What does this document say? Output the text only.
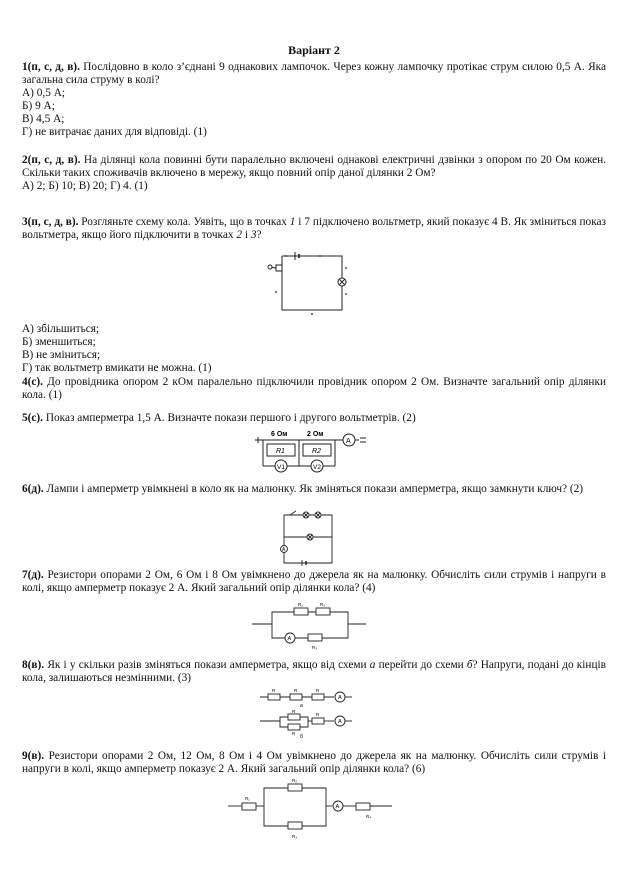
Варіант 2

1(п, с, д, в). Послідовно в коло з’єднані 9 однакових лампочок. Через кожну лампочку протікає струм силою 0,5 А. Яка загальна сила струму в колі?

А) 0,5 А;
Б) 9 А;
В) 4,5 А;
Г) не витрачає даних для відповіді. (1)

2(п, с, д, в). На ділянці кола повинні бути паралельно включені однакові електричні дзвінки з опором по 20 Ом кожен. Скільки таких споживачів включено в мережу, якщо повний опір даної ділянки 2 Ом?

А) 2; Б) 10; В) 20; Г) 4. (1)

3(п, с, д, в). Розгляньте схему кола. Уявіть, що в точках 1 і 7 підключено вольтметр, який показує 4 В. Як зміниться показ вольтметра, якщо його підключити в точках 2 і 3?

А) збільшиться;
Б) зменшиться;
В) не зміниться;
Г) так вольтметр вмикати не можна. (1)

4(с). До провідника опором 2 кОм паралельно підключили провідник опором 2 Ом. Визначте загальний опір ділянки кола. (1)

5(с). Показ амперметра 1,5 А. Визначте покази першого і другого вольтметрів. (2)

6 Ом	2 Ом
R1	R2
V1	V2
A

6(д). Лампи і амперметр увімкнені в коло як на малюнку. Як зміняться покази амперметра, якщо замкнути ключ? (2)

A

7(д). Резистори опорами 2 Ом, 6 Ом і 8 Ом увімкнено до джерела як на малюнку. Обчисліть сили струмів і напруги в колі, якщо амперметр показує 2 А. Який загальний опір ділянки кола? (4)

R₁	R₂
R₃
A

8(в). Як і у скільки разів зміняться покази амперметра, якщо від схеми а перейти до схеми б? Напруги, подані до кінців кола, залишаються незмінними. (3)

R	R	R
A
а
R
R
R
A
б

9(в). Резистори опорами 2 Ом, 12 Ом, 8 Ом і 4 Ом увімкнено до джерела як на малюнку. Обчисліть сили струмів і напруги в колі, якщо амперметр показує 2 А. Який загальний опір ділянки кола? (6)

R₁
R₂
R₃
R₄
A
